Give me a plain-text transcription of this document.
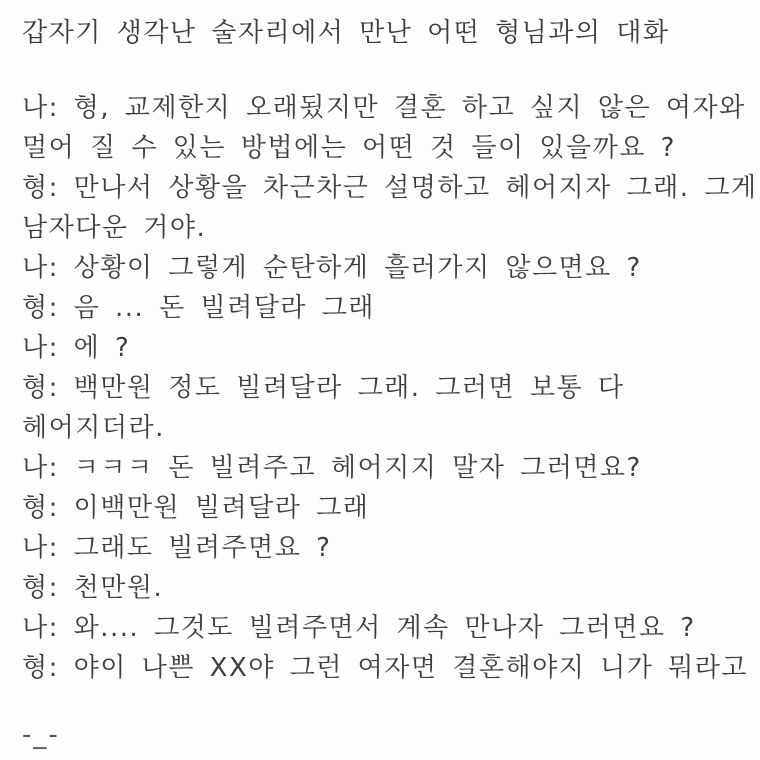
갑자기 생각난 술자리에서 만난 어떤 형님과의 대화

나: 형, 교제한지 오래됬지만 결혼 하고 싶지 않은 여자와

멀어 질 수 있는 방법에는 어떤 것 들이 있을까요 ?

형: 만나서 상황을 차근차근 설명하고 헤어지자 그래. 그게

남자다운 거야.

나: 상황이 그렇게 순탄하게 흘러가지 않으면요 ?

형: 음 ... 돈 빌려달라 그래

나: 에 ?

형: 백만원 정도 빌려달라 그래. 그러면 보통 다

헤어지더라.

나: ㅋㅋㅋ 돈 빌려주고 헤어지지 말자 그러면요?

형: 이백만원 빌려달라 그래

나: 그래도 빌려주면요 ?

형: 천만원.

나: 와.... 그것도 빌려주면서 계속 만나자 그러면요 ?

형: 야이 나쁜 XX야 그런 여자면 결혼해야지 니가 뭐라고

-_-
